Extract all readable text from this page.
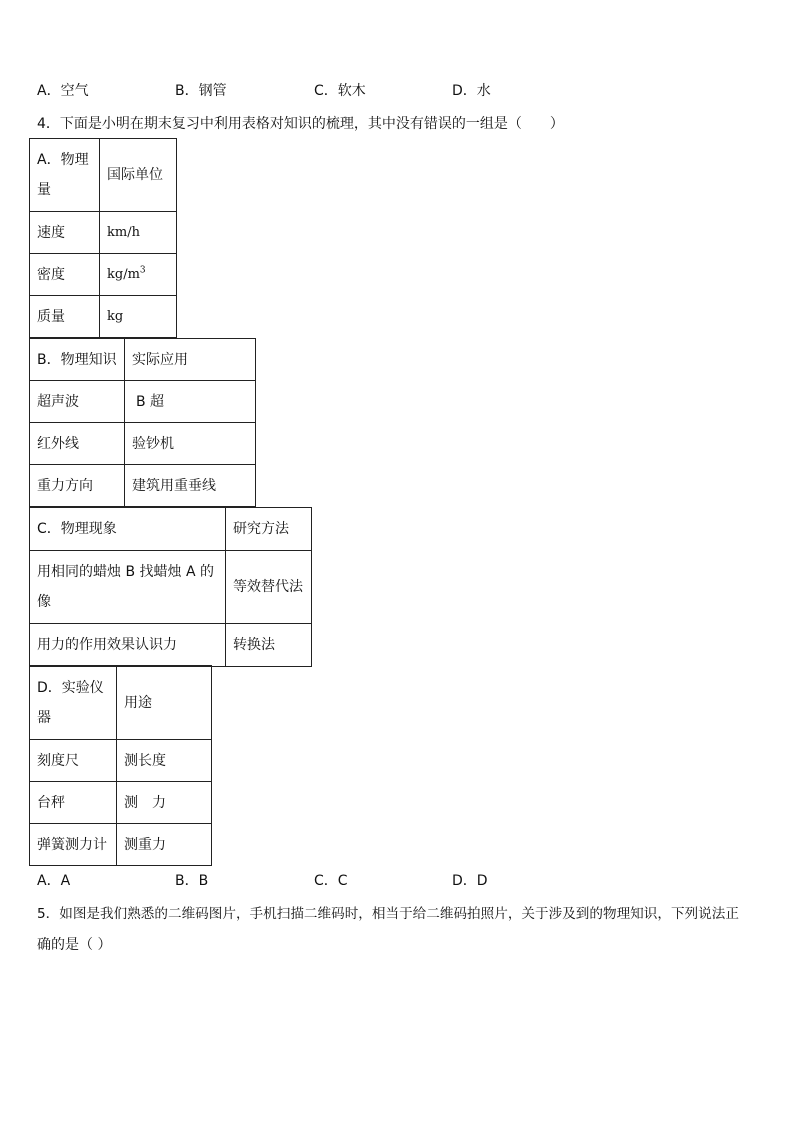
A．空气	B．钢管	C．软木	D．水
4．下面是小明在期末复习中利用表格对知识的梳理，其中没有错误的一组是（　　）
A．物理量	国际单位
速度	km/h
密度	$kg/m^3$
质量	kg
B．物理知识	实际应用
超声波	B 超
红外线	验钞机
重力方向	建筑用重垂线
C．物理现象	研究方法
用相同的蜡烛 B 找蜡烛 A 的像	等效替代法
用力的作用效果认识力	转换法
D．实验仪器	用途
刻度尺	测长度
台秤	测　力
弹簧测力计	测重力
A．A	B．B	C．C	D．D
5．如图是我们熟悉的二维码图片，手机扫描二维码时，相当于给二维码拍照片，关于涉及到的物理知识，下列说法正
确的是（ ）
